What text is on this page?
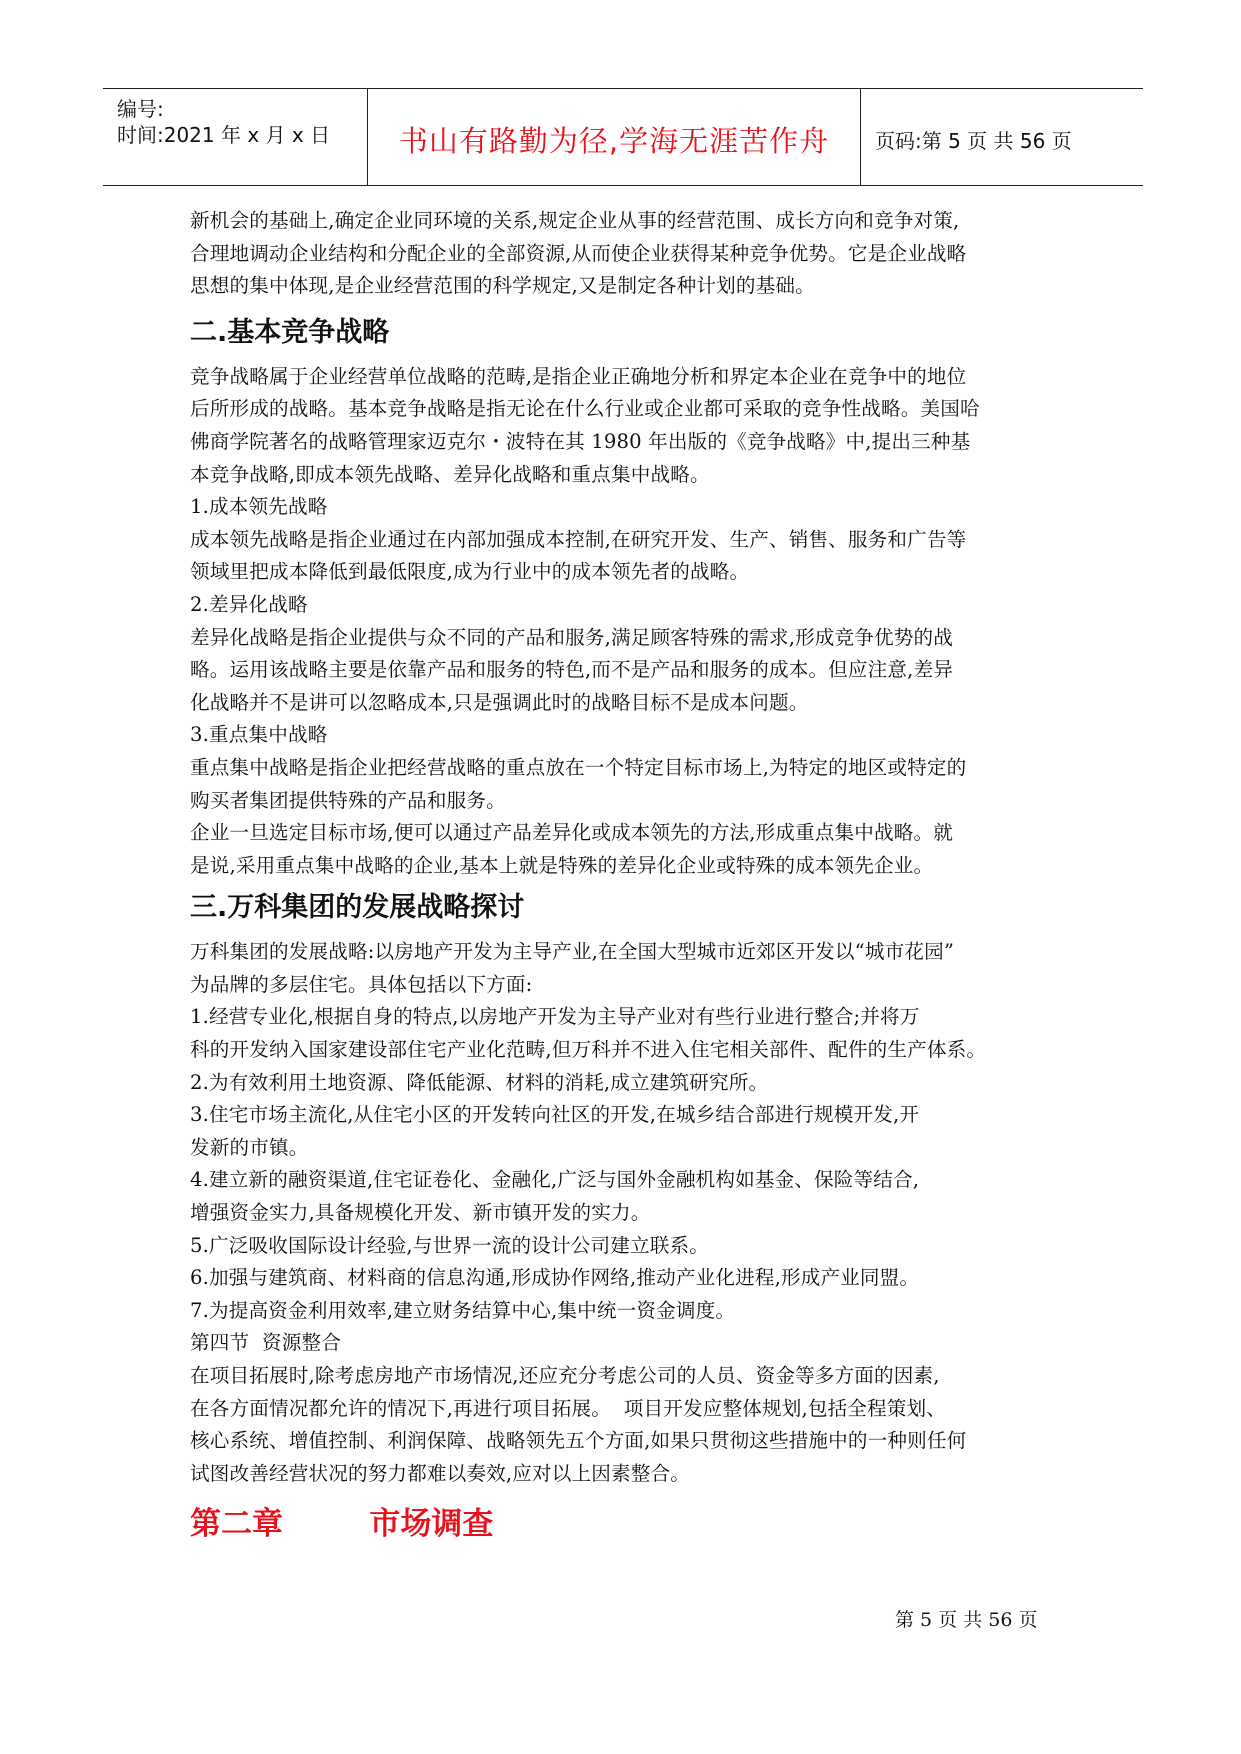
编号:
时间:2021 年 x 月 x 日	书山有路勤为径,学海无涯苦作舟	页码:第 5 页 共 56 页

新机会的基础上,确定企业同环境的关系,规定企业从事的经营范围、成长方向和竞争对策,

合理地调动企业结构和分配企业的全部资源,从而使企业获得某种竞争优势。它是企业战略

思想的集中体现,是企业经营范围的科学规定,又是制定各种计划的基础。

二.基本竞争战略

竞争战略属于企业经营单位战略的范畴,是指企业正确地分析和界定本企业在竞争中的地位

后所形成的战略。基本竞争战略是指无论在什么行业或企业都可采取的竞争性战略。美国哈

佛商学院著名的战略管理家迈克尔・波特在其 1980 年出版的《竞争战略》中,提出三种基

本竞争战略,即成本领先战略、差异化战略和重点集中战略。

1.成本领先战略

成本领先战略是指企业通过在内部加强成本控制,在研究开发、生产、销售、服务和广告等

领域里把成本降低到最低限度,成为行业中的成本领先者的战略。

2.差异化战略

差异化战略是指企业提供与众不同的产品和服务,满足顾客特殊的需求,形成竞争优势的战

略。运用该战略主要是依靠产品和服务的特色,而不是产品和服务的成本。但应注意,差异

化战略并不是讲可以忽略成本,只是强调此时的战略目标不是成本问题。

3.重点集中战略

重点集中战略是指企业把经营战略的重点放在一个特定目标市场上,为特定的地区或特定的

购买者集团提供特殊的产品和服务。

企业一旦选定目标市场,便可以通过产品差异化或成本领先的方法,形成重点集中战略。就

是说,采用重点集中战略的企业,基本上就是特殊的差异化企业或特殊的成本领先企业。

三.万科集团的发展战略探讨

万科集团的发展战略:以房地产开发为主导产业,在全国大型城市近郊区开发以“城市花园”

为品牌的多层住宅。具体包括以下方面:

1.经营专业化,根据自身的特点,以房地产开发为主导产业对有些行业进行整合;并将万

科的开发纳入国家建设部住宅产业化范畴,但万科并不进入住宅相关部件、配件的生产体系。

2.为有效利用土地资源、降低能源、材料的消耗,成立建筑研究所。

3.住宅市场主流化,从住宅小区的开发转向社区的开发,在城乡结合部进行规模开发,开

发新的市镇。

4.建立新的融资渠道,住宅证卷化、金融化,广泛与国外金融机构如基金、保险等结合,

增强资金实力,具备规模化开发、新市镇开发的实力。

5.广泛吸收国际设计经验,与世界一流的设计公司建立联系。

6.加强与建筑商、材料商的信息沟通,形成协作网络,推动产业化进程,形成产业同盟。

7.为提高资金利用效率,建立财务结算中心,集中统一资金调度。

第四节  资源整合

在项目拓展时,除考虑房地产市场情况,还应充分考虑公司的人员、资金等多方面的因素,

在各方面情况都允许的情况下,再进行项目拓展。  项目开发应整体规划,包括全程策划、

核心系统、增值控制、利润保障、战略领先五个方面,如果只贯彻这些措施中的一种则任何

试图改善经营状况的努力都难以奏效,应对以上因素整合。

第二章        市场调查
第 5 页 共 56 页
